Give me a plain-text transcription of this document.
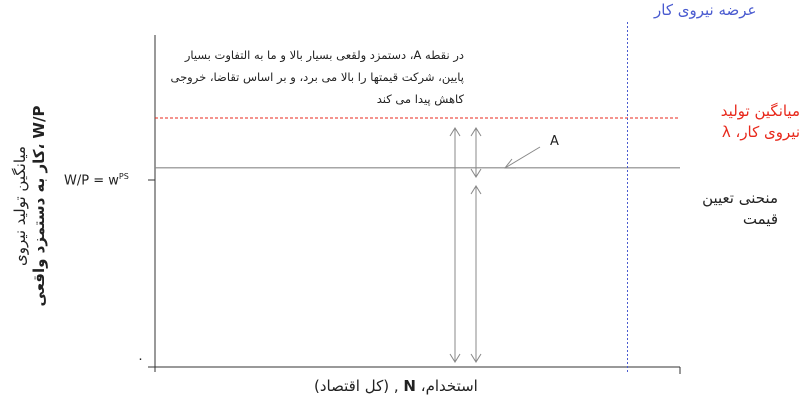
میانگین تولید نیروی کار به دستمزد واقعی، W/P
$W/P = w^{PS}$
۰
در نقطه A، دستمزد ولقعی بسیار بالا و ما به التفاوت بسیار پایین، شرکت قیمتها را بالا می برد، و بر اساس تقاضا، خروجی کاهش پیدا می کند
A
عرضه نیروی کار
میانگین تولید نیروی کار، λ
منحنی تعیین قیمت
استخدام، N , (کل اقتصاد)
